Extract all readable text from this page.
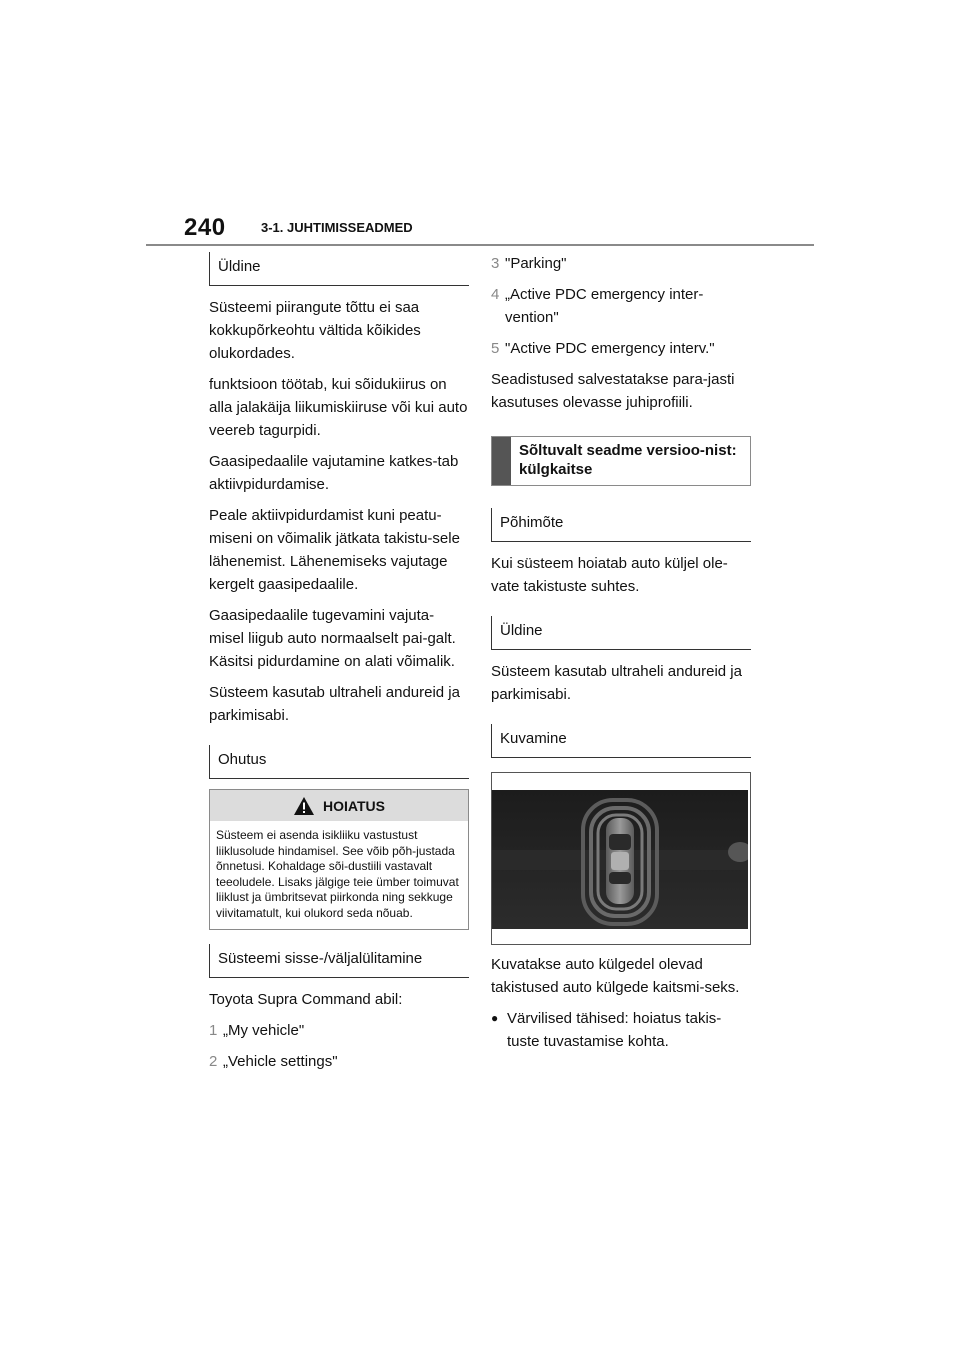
240	3-1. JUHTIMISSEADMED
Üldine

Süsteemi piirangute tõttu ei saa kokkupõrkeohtu vältida kõikides olukordades.

funktsioon töötab, kui sõidukiirus on alla jalakäija liikumiskiiruse või kui auto veereb tagurpidi.

Gaasipedaalile vajutamine katkes-tab aktiivpidurdamise.

Peale aktiivpidurdamist kuni peatu-miseni on võimalik jätkata takistu-sele lähenemist. Lähenemiseks vajutage kergelt gaasipedaalile.

Gaasipedaalile tugevamini vajuta-misel liigub auto normaalselt pai-galt. Käsitsi pidurdamine on alati võimalik.

Süsteem kasutab ultraheli andureid ja parkimisabi.

Ohutus
HOIATUS
Süsteem ei asenda isikliiku vastustust liiklusolude hindamisel. See võib põh-justada õnnetusi. Kohaldage sõi-dustiili vastavalt teeoludele. Lisaks jälgige teie ümber toimuvat liiklust ja ümbritsevat piirkonda ning sekkuge viivitamatult, kui olukord seda nõuab.
Süsteemi sisse-/väljalülitamine

Toyota Supra Command abil:

1 „My vehicle"
2 „Vehicle settings"
3 "Parking"
4 „Active PDC emergency inter-vention"
5 "Active PDC emergency interv."

Seadistused salvestatakse para-jasti kasutuses olevasse juhiprofiili.

Sõltuvalt seadme versioo-nist: külgkaitse
Põhimõte

Kui süsteem hoiatab auto küljel ole-vate takistuste suhtes.

Üldine

Süsteem kasutab ultraheli andureid ja parkimisabi.

Kuvamine

Kuvatakse auto külgedel olevad takistused auto külgede kaitsmi-seks.

● Värvilised tähised: hoiatus takis-tuste tuvastamise kohta.
